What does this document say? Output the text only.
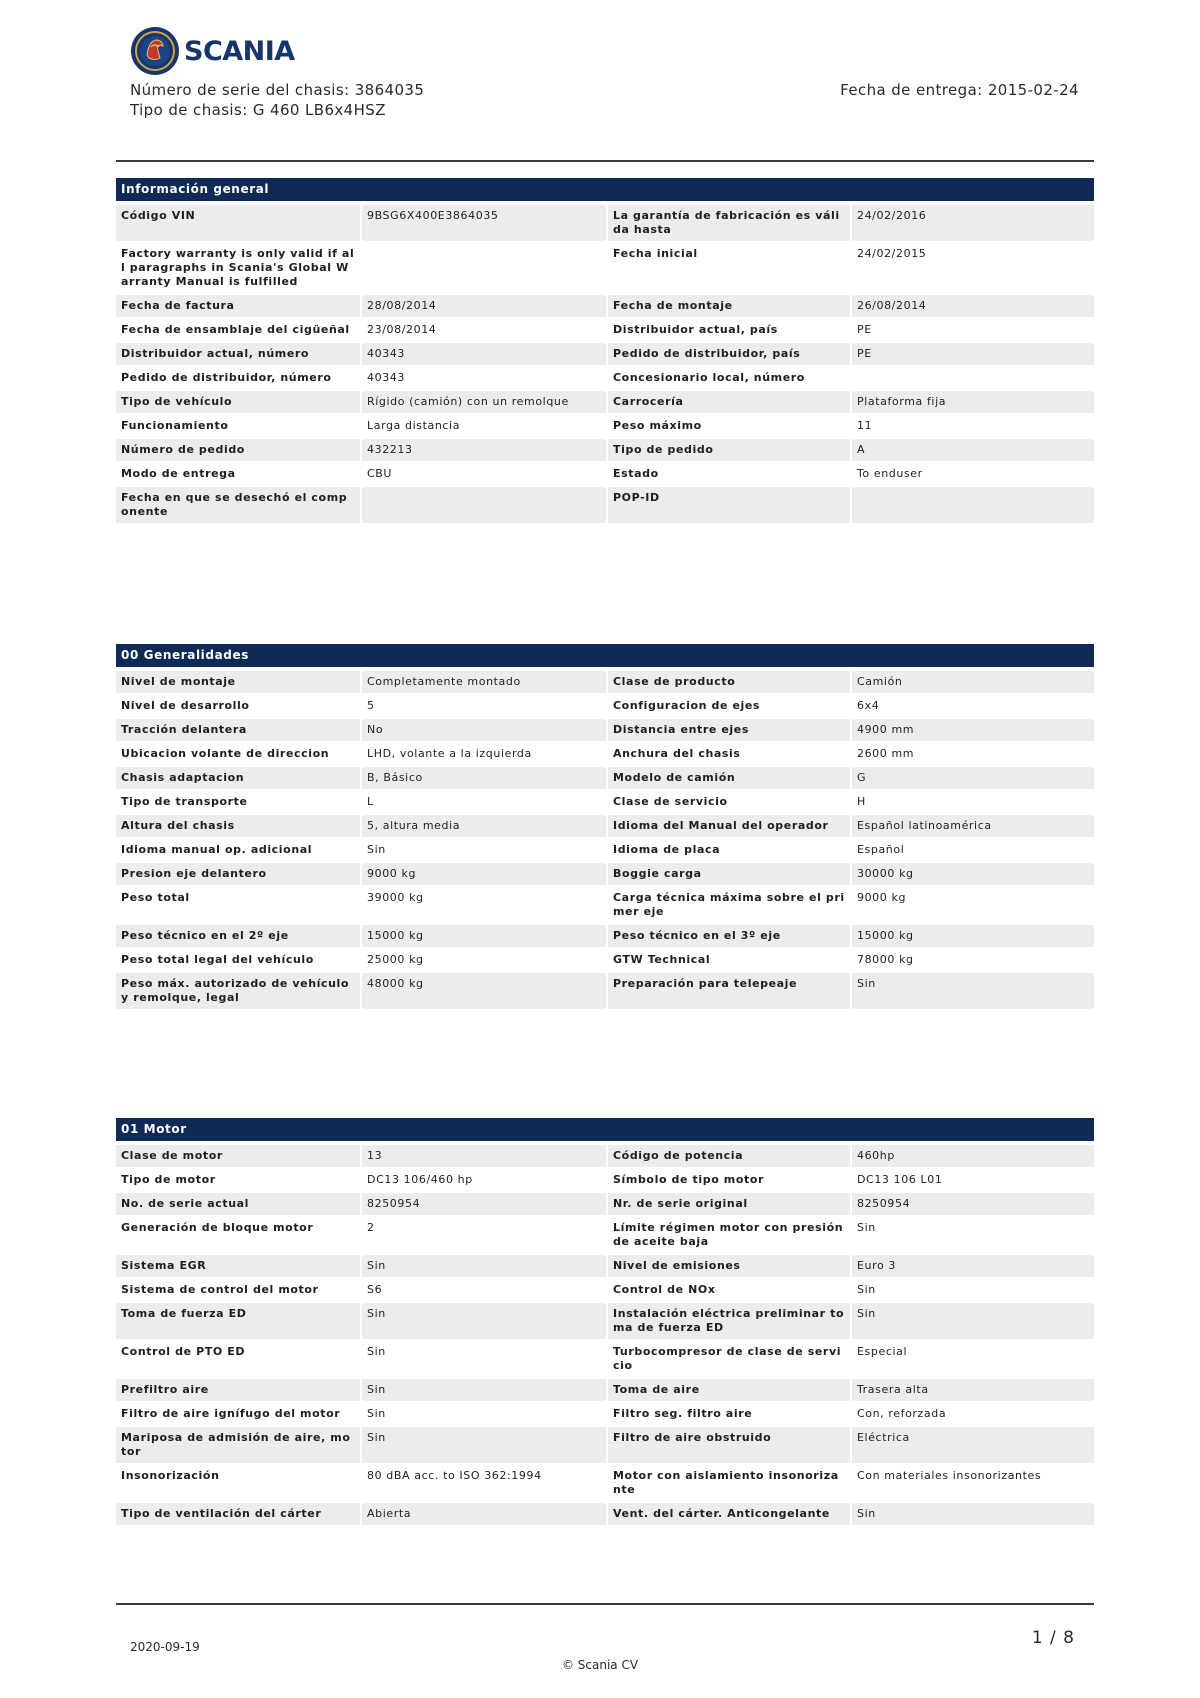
SCANIA
Número de serie del chasis: 3864035
Tipo de chasis: G 460 LB6x4HSZ
Fecha de entrega: 2015-02-24
Información general
Código VIN	9BSG6X400E3864035	La garantía de fabricación es válida hasta	24/02/2016
Factory warranty is only valid if all paragraphs in Scania's Global Warranty Manual is fulfilled		Fecha inicial	24/02/2015
Fecha de factura	28/08/2014	Fecha de montaje	26/08/2014
Fecha de ensamblaje del cigüeñal	23/08/2014	Distribuidor actual, país	PE
Distribuidor actual, número	40343	Pedido de distribuidor, país	PE
Pedido de distribuidor, número	40343	Concesionario local, número	
Tipo de vehículo	Rígido (camión) con un remolque	Carrocería	Plataforma fija
Funcionamiento	Larga distancia	Peso máximo	11
Número de pedido	432213	Tipo de pedido	A
Modo de entrega	CBU	Estado	To enduser
Fecha en que se desechó el componente		POP-ID	
00 Generalidades
Nivel de montaje	Completamente montado	Clase de producto	Camión
Nivel de desarrollo	5	Configuracion de ejes	6x4
Tracción delantera	No	Distancia entre ejes	4900 mm
Ubicacion volante de direccion	LHD, volante a la izquierda	Anchura del chasis	2600 mm
Chasis adaptacion	B, Básico	Modelo de camión	G
Tipo de transporte	L	Clase de servicio	H
Altura del chasis	5, altura media	Idioma del Manual del operador	Español latinoamérica
Idioma manual op. adicional	Sin	Idioma de placa	Español
Presion eje delantero	9000 kg	Boggie carga	30000 kg
Peso total	39000 kg	Carga técnica máxima sobre el primer eje	9000 kg
Peso técnico en el 2º eje	15000 kg	Peso técnico en el 3º eje	15000 kg
Peso total legal del vehículo	25000 kg	GTW Technical	78000 kg
Peso máx. autorizado de vehículo y remolque, legal	48000 kg	Preparación para telepeaje	Sin
01 Motor
Clase de motor	13	Código de potencia	460hp
Tipo de motor	DC13 106/460 hp	Símbolo de tipo motor	DC13 106 L01
No. de serie actual	8250954	Nr. de serie original	8250954
Generación de bloque motor	2	Límite régimen motor con presión de aceite baja	Sin
Sistema EGR	Sin	Nivel de emisiones	Euro 3
Sistema de control del motor	S6	Control de NOx	Sin
Toma de fuerza ED	Sin	Instalación eléctrica preliminar toma de fuerza ED	Sin
Control de PTO ED	Sin	Turbocompresor de clase de servicio	Especial
Prefiltro aire	Sin	Toma de aire	Trasera alta
Filtro de aire ignífugo del motor	Sin	Filtro seg. filtro aire	Con, reforzada
Mariposa de admisión de aire, motor	Sin	Filtro de aire obstruido	Eléctrica
Insonorización	80 dBA acc. to ISO 362:1994	Motor con aislamiento insonorizante	Con materiales insonorizantes
Tipo de ventilación del cárter	Abierta	Vent. del cárter. Anticongelante	Sin
2020-09-19	1 / 8
© Scania CV
